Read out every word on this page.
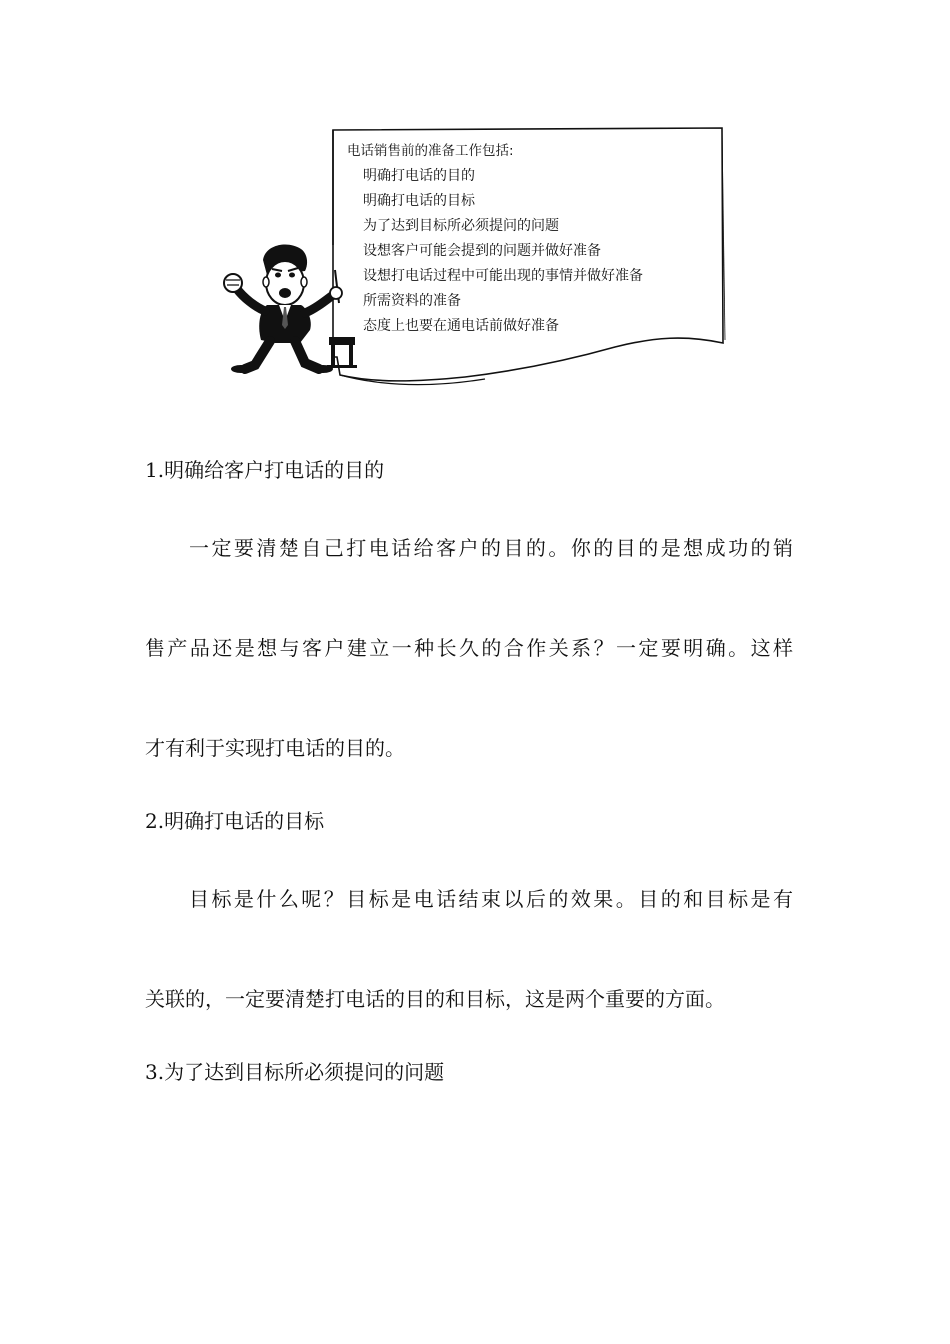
电话销售前的准备工作包括:
明确打电话的目的
明确打电话的目标
为了达到目标所必须提问的问题
设想客户可能会提到的问题并做好准备
设想打电话过程中可能出现的事情并做好准备
所需资料的准备
态度上也要在通电话前做好准备
1.明确给客户打电话的目的
一定要清楚自己打电话给客户的目的。你的目的是想成功的销
售产品还是想与客户建立一种长久的合作关系？一定要明确。这样
才有利于实现打电话的目的。
2.明确打电话的目标
目标是什么呢？目标是电话结束以后的效果。目的和目标是有
关联的，一定要清楚打电话的目的和目标，这是两个重要的方面。
3.为了达到目标所必须提问的问题
